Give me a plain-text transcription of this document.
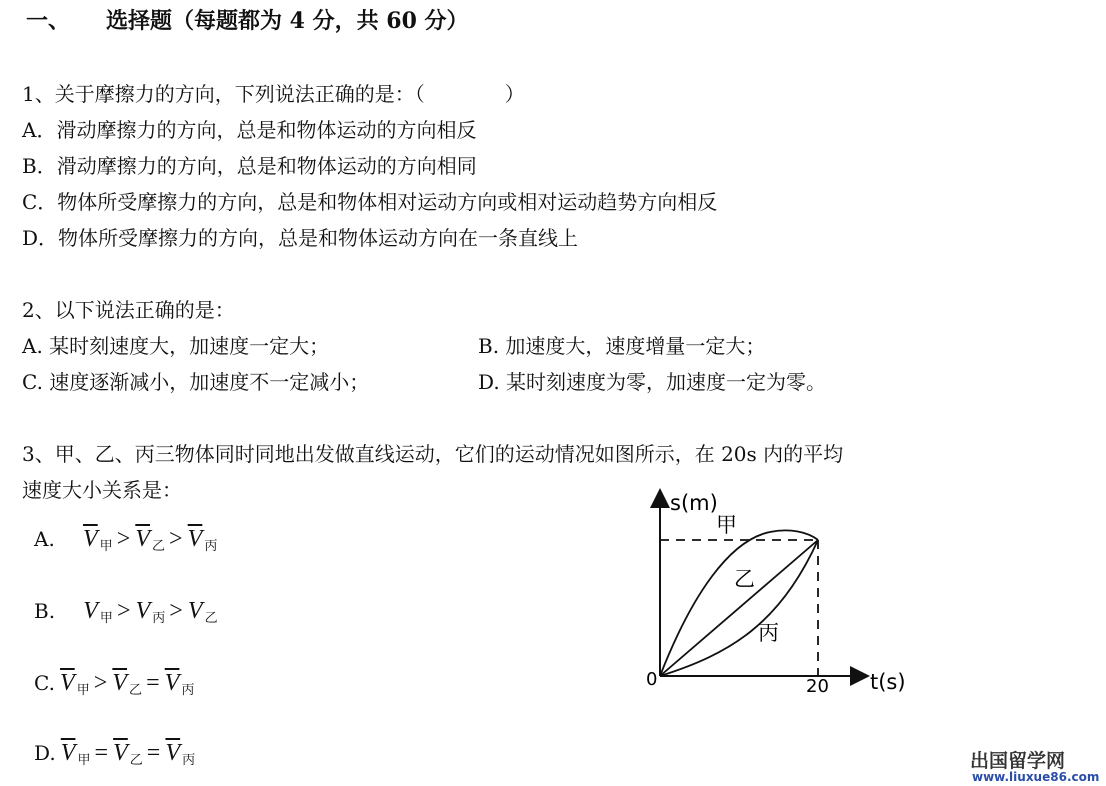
一、 选择题（每题都为 4 分，共 60 分）
1、关于摩擦力的方向，下列说法正确的是：（　　　　）
A．滑动摩擦力的方向，总是和物体运动的方向相反
B．滑动摩擦力的方向，总是和物体运动的方向相同
C．物体所受摩擦力的方向，总是和物体相对运动方向或相对运动趋势方向相反
D．物体所受摩擦力的方向，总是和物体运动方向在一条直线上
2、以下说法正确的是：
A. 某时刻速度大，加速度一定大；	B. 加速度大，速度增量一定大；
C. 速度逐渐减小，加速度不一定减小；	D. 某时刻速度为零，加速度一定为零。
3、甲、乙、丙三物体同时同地出发做直线运动，它们的运动情况如图所示，在 20s 内的平均
速度大小关系是：
A. $\overline{V}$ $_甲 > \overline{V}$ $_乙 > \overline{V}$ $_丙$
B. V $_甲$ > V $_丙$ > V $_乙$
C. $\overline{V}$ $_甲 > \overline{V}$ $_乙 = \overline{V}$ $_丙$
D. $\overline{V}$ $_甲 = \overline{V}$ $_乙 = \overline{V}$ $_丙$
s(m)
t(s)
0	20
甲
乙
丙
出国留学网
www.liuxue86.com
